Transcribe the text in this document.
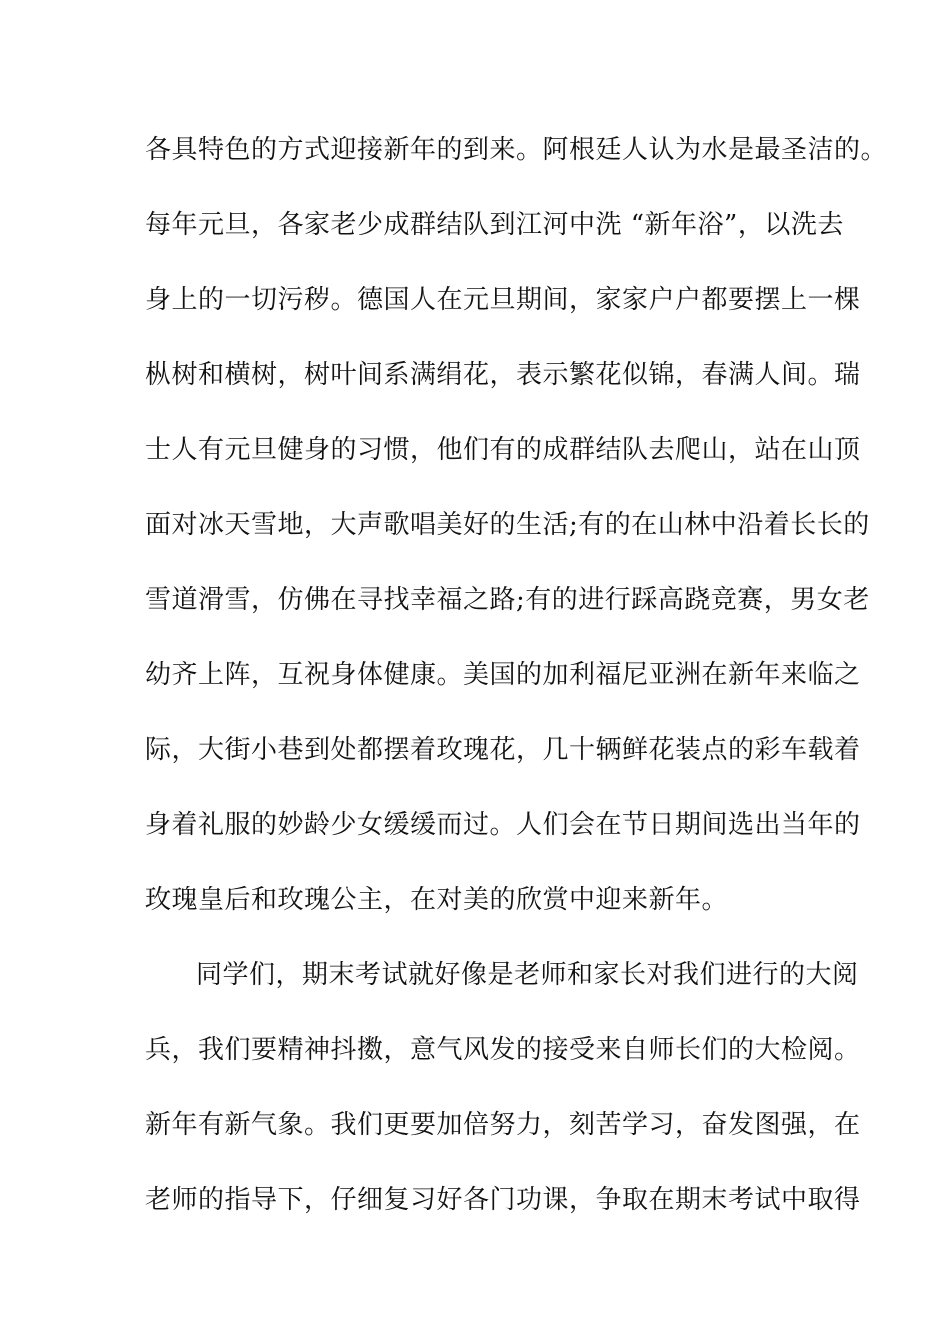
各具特色的方式迎接新年的到来。阿根廷人认为水是最圣洁的。
每年元旦，各家老少成群结队到江河中洗 “新年浴”，以洗去
身上的一切污秽。德国人在元旦期间，家家户户都要摆上一棵
枞树和横树，树叶间系满绢花，表示繁花似锦，春满人间。瑞
士人有元旦健身的习惯，他们有的成群结队去爬山，站在山顶
面对冰天雪地，大声歌唱美好的生活;有的在山林中沿着长长的
雪道滑雪，仿佛在寻找幸福之路;有的进行踩高跷竞赛，男女老
幼齐上阵，互祝身体健康。美国的加利福尼亚洲在新年来临之
际，大街小巷到处都摆着玫瑰花，几十辆鲜花装点的彩车载着
身着礼服的妙龄少女缓缓而过。人们会在节日期间选出当年的
玫瑰皇后和玫瑰公主，在对美的欣赏中迎来新年。
同学们，期末考试就好像是老师和家长对我们进行的大阅
兵，我们要精神抖擞，意气风发的接受来自师长们的大检阅。
新年有新气象。我们更要加倍努力，刻苦学习，奋发图强，在
老师的指导下，仔细复习好各门功课，争取在期末考试中取得
